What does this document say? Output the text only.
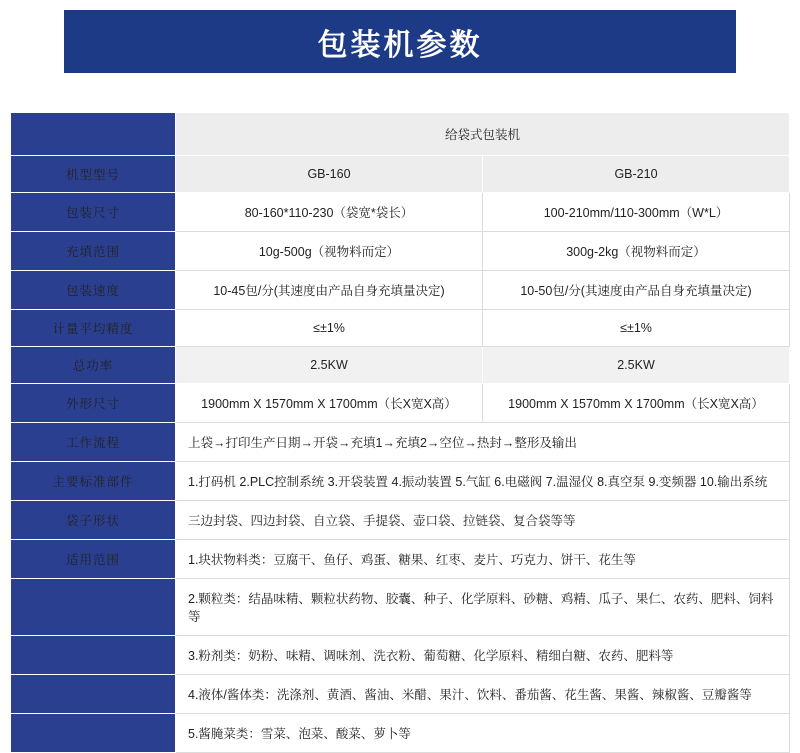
包装机参数
	给袋式包装机	
机型型号	GB-160	GB-210
包装尺寸	80-160*110-230（袋宽*袋长）	100-210mm/110-300mm（W*L）
充填范围	10g-500g（视物料而定）	300g-2kg（视物料而定）
包装速度	10-45包/分(其速度由产品自身充填量决定)	10-50包/分(其速度由产品自身充填量决定)
计量平均精度	≤±1%	≤±1%
总功率	2.5KW	2.5KW
外形尺寸	1900mm X 1570mm X 1700mm（长X宽X高）	1900mm X 1570mm X 1700mm（长X宽X高）
工作流程	上袋→打印生产日期→开袋→充填1→充填2→空位→热封→整形及输出	
主要标准部件	1.打码机 2.PLC控制系统 3.开袋装置 4.振动装置 5.气缸 6.电磁阀 7.温湿仪 8.真空泵 9.变频器 10.输出系统	
袋子形状	三边封袋、四边封袋、自立袋、手提袋、壶口袋、拉链袋、复合袋等等	
适用范围	1.块状物料类：豆腐干、鱼仔、鸡蛋、糖果、红枣、麦片、巧克力、饼干、花生等	
	2.颗粒类：结晶味精、颗粒状药物、胶囊、种子、化学原料、砂糖、鸡精、瓜子、果仁、农药、肥料、饲料等	
	3.粉剂类：奶粉、味精、调味剂、洗衣粉、葡萄糖、化学原料、精细白糖、农药、肥料等	
	4.液体/酱体类：洗涤剂、黄酒、酱油、米醋、果汁、饮料、番茄酱、花生酱、果酱、辣椒酱、豆瓣酱等	
	5.酱腌菜类：雪菜、泡菜、酸菜、萝卜等	
